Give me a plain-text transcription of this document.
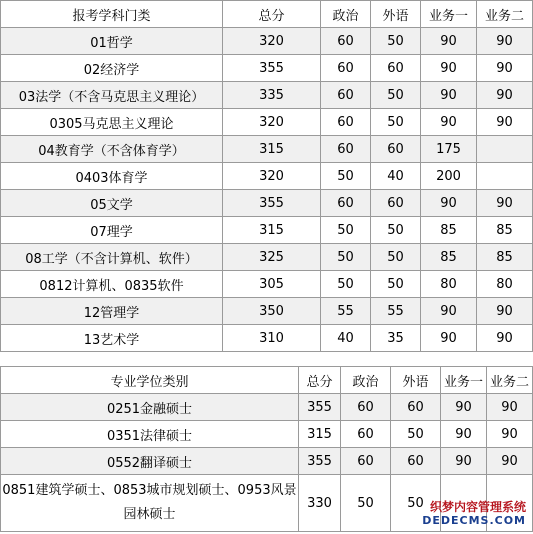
报考学科门类	总分	政治	外语	业务一	业务二
01哲学	320	60	50	90	90
02经济学	355	60	60	90	90
03法学（不含马克思主义理论）	335	60	50	90	90
0305马克思主义理论	320	60	50	90	90
04教育学（不含体育学）	315	60	60	175	
0403体育学	320	50	40	200	
05文学	355	60	60	90	90
07理学	315	50	50	85	85
08工学（不含计算机、软件）	325	50	50	85	85
0812计算机、0835软件	305	50	50	80	80
12管理学	350	55	55	90	90
13艺术学	310	40	35	90	90
专业学位类别	总分	政治	外语	业务一	业务二
0251金融硕士	355	60	60	90	90
0351法律硕士	315	60	50	90	90
0552翻译硕士	355	60	60	90	90
0851建筑学硕士、0853城市规划硕士、0953风景园林硕士	330	50	50		织梦内容管理系统
DEDECMS.COM
